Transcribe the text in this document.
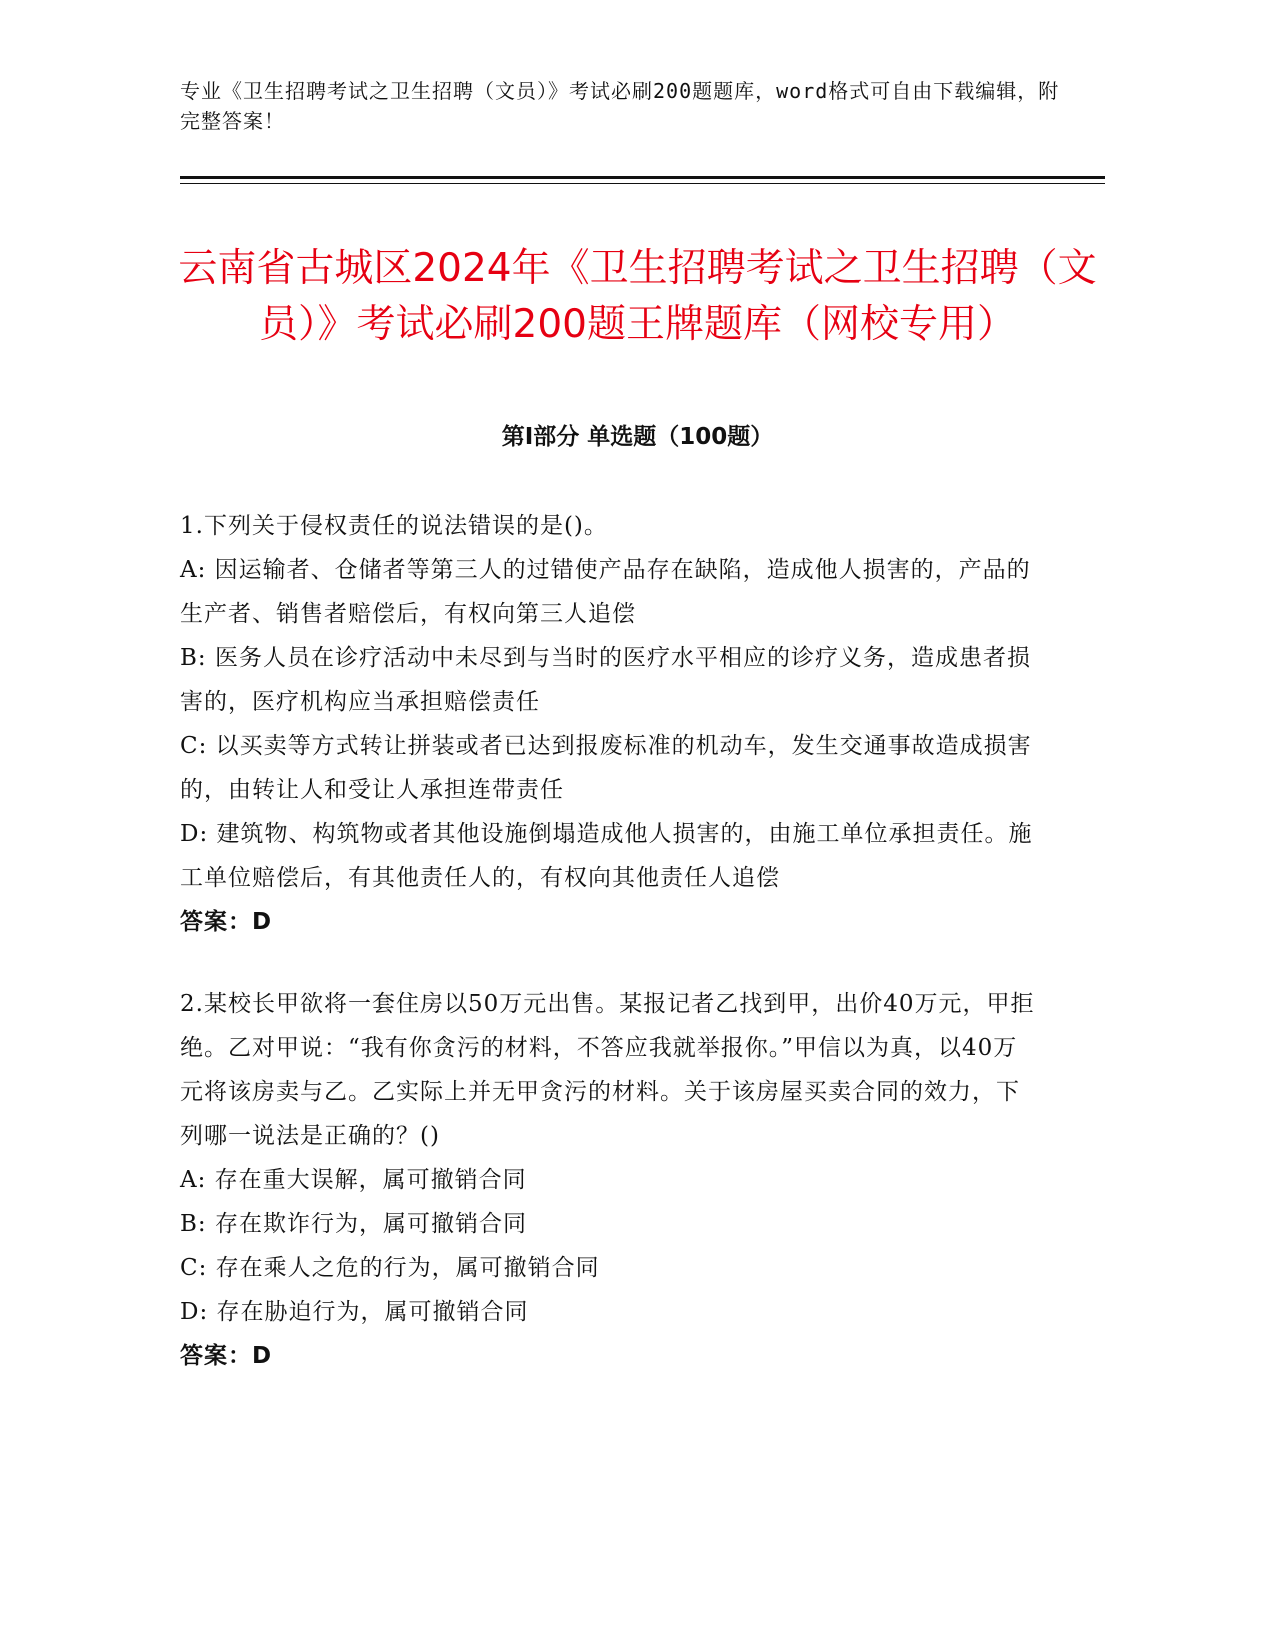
专业《卫生招聘考试之卫生招聘（文员）》考试必刷200题题库，word格式可自由下载编辑，附完整答案！
云南省古城区2024年《卫生招聘考试之卫生招聘（文员）》考试必刷200题王牌题库（网校专用）
第I部分 单选题（100题）

1.下列关于侵权责任的说法错误的是()。

A: 因运输者、仓储者等第三人的过错使产品存在缺陷，造成他人损害的，产品的生产者、销售者赔偿后，有权向第三人追偿

B: 医务人员在诊疗活动中未尽到与当时的医疗水平相应的诊疗义务，造成患者损害的，医疗机构应当承担赔偿责任

C: 以买卖等方式转让拼装或者已达到报废标准的机动车，发生交通事故造成损害的，由转让人和受让人承担连带责任

D: 建筑物、构筑物或者其他设施倒塌造成他人损害的，由施工单位承担责任。施工单位赔偿后，有其他责任人的，有权向其他责任人追偿

答案：D

2.某校长甲欲将一套住房以50万元出售。某报记者乙找到甲，出价40万元，甲拒绝。乙对甲说：“我有你贪污的材料，不答应我就举报你。”甲信以为真，以40万元将该房卖与乙。乙实际上并无甲贪污的材料。关于该房屋买卖合同的效力，下列哪一说法是正确的？()

A: 存在重大误解，属可撤销合同

B: 存在欺诈行为，属可撤销合同

C: 存在乘人之危的行为，属可撤销合同

D: 存在胁迫行为，属可撤销合同

答案：D
